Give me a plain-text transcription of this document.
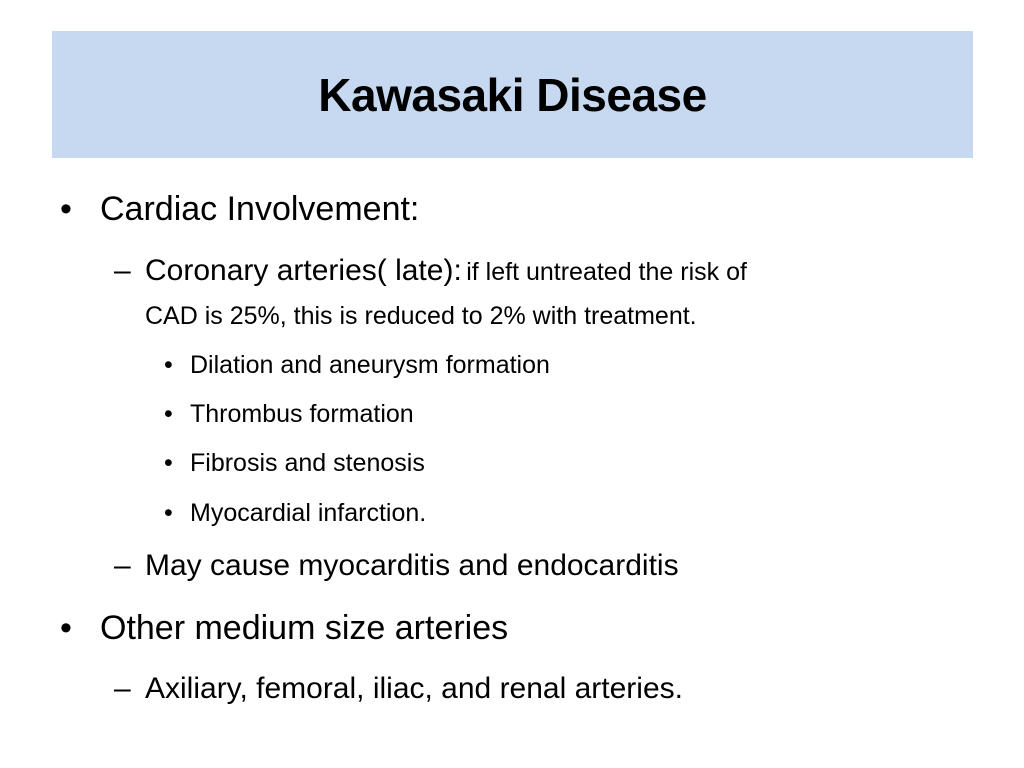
Kawasaki Disease
• Cardiac Involvement:
– Coronary arteries( late): if left untreated the risk of
CAD is 25%, this is reduced to 2% with treatment.
• Dilation and aneurysm formation
• Thrombus formation
• Fibrosis and stenosis
• Myocardial infarction.
– May cause myocarditis and endocarditis
• Other medium size arteries
– Axiliary, femoral, iliac, and renal arteries.
